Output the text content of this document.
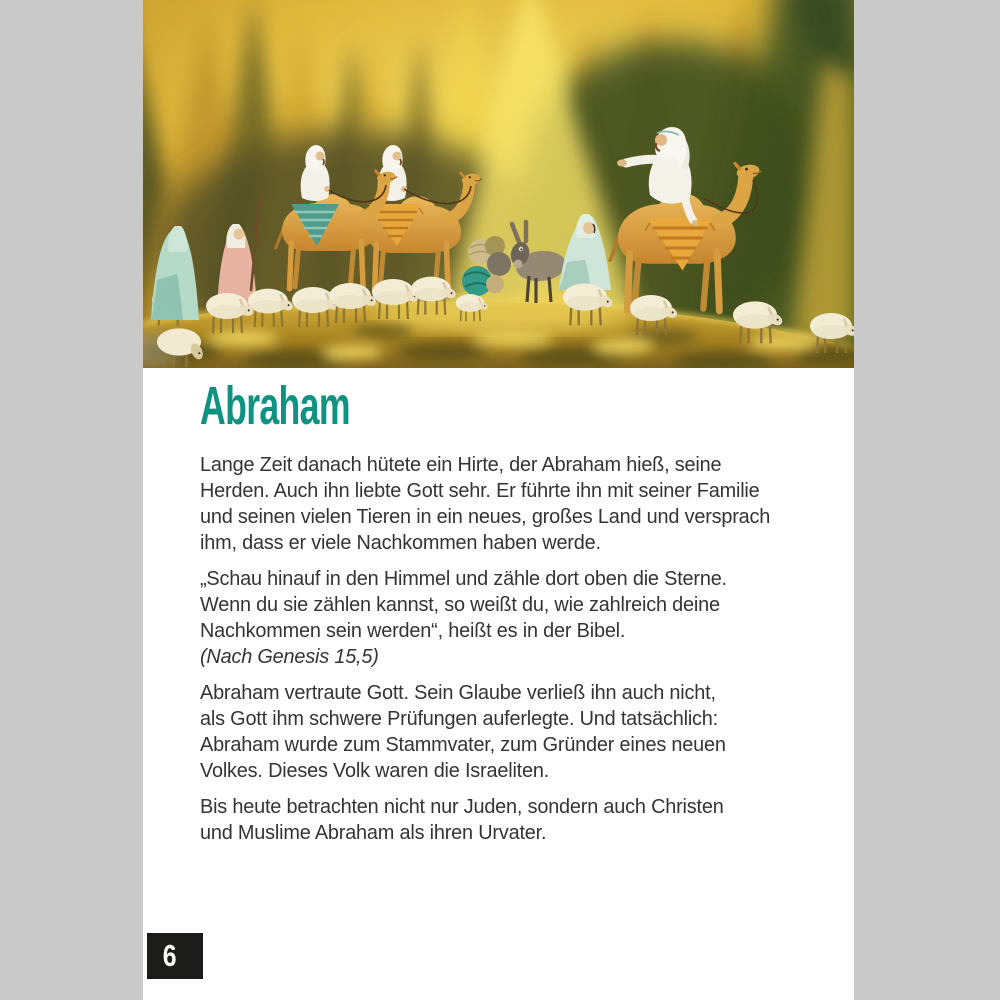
Abraham
Lange Zeit danach hütete ein Hirte, der Abraham hieß, seine
Herden. Auch ihn liebte Gott sehr. Er führte ihn mit seiner Familie
und seinen vielen Tieren in ein neues, großes Land und versprach
ihm, dass er viele Nachkommen haben werde.
„Schau hinauf in den Himmel und zähle dort oben die Sterne.
Wenn du sie zählen kannst, so weißt du, wie zahlreich deine
Nachkommen sein werden“, heißt es in der Bibel.
(Nach Genesis 15,5)
Abraham vertraute Gott. Sein Glaube verließ ihn auch nicht,
als Gott ihm schwere Prüfungen auferlegte. Und tatsächlich:
Abraham wurde zum Stammvater, zum Gründer eines neuen
Volkes. Dieses Volk waren die Israeliten.
Bis heute betrachten nicht nur Juden, sondern auch Christen
und Muslime Abraham als ihren Urvater.
6
